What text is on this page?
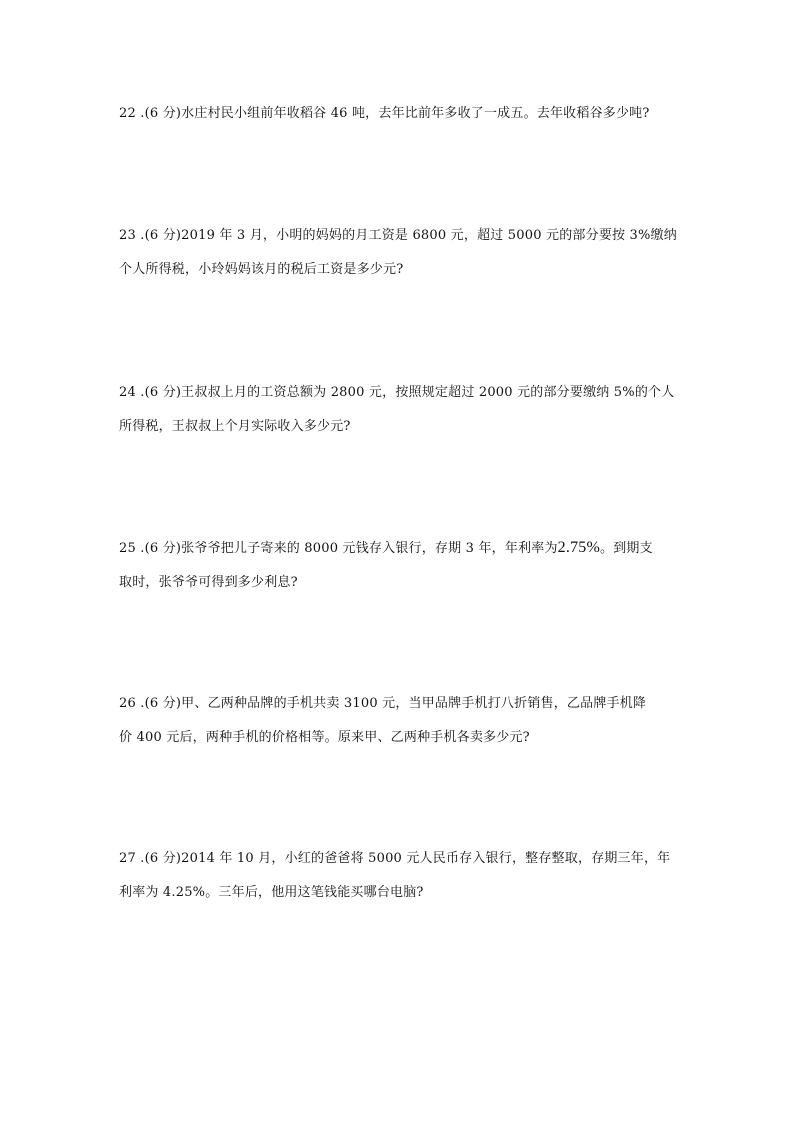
22 .(6 分)水庄村民小组前年收稻谷 46 吨，去年比前年多收了一成五。去年收稻谷多少吨?
23 .(6 分)2019 年 3 月，小明的妈妈的月工资是 6800 元，超过 5000 元的部分要按 3%缴纳
个人所得税，小玲妈妈该月的税后工资是多少元?
24 .(6 分)王叔叔上月的工资总额为 2800 元，按照规定超过 2000 元的部分要缴纳 5%的个人
所得税，王叔叔上个月实际收入多少元?
25 .(6 分)张爷爷把儿子寄来的 8000 元钱存入银行，存期 3 年，年利率为2.75%。到期支
取时，张爷爷可得到多少利息?
26 .(6 分)甲、乙两种品牌的手机共卖 3100 元，当甲品牌手机打八折销售，乙品牌手机降
价 400 元后，两种手机的价格相等。原来甲、乙两种手机各卖多少元?
27 .(6 分)2014 年 10 月，小红的爸爸将 5000 元人民币存入银行，整存整取，存期三年，年
利率为 4.25%。三年后，他用这笔钱能买哪台电脑?
